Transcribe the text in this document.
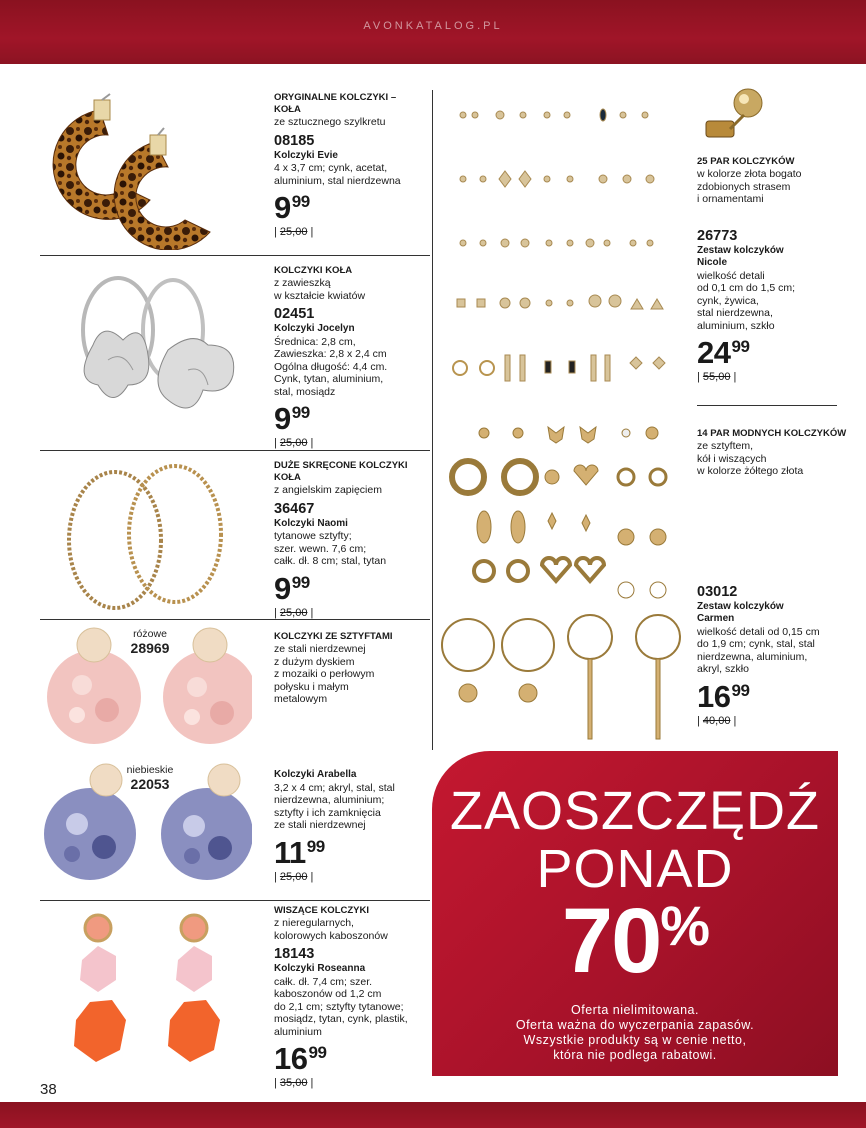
AVONKATALOG.PL
ORYGINALNE KOLCZYKI – KOŁA
ze sztucznego szylkretu
08185
Kolczyki Evie
4 x 3,7 cm; cynk, acetat,
aluminium, stal nierdzewna
$9^{99}$
| 25,00 |
KOLCZYKI KOŁA
z zawieszką
w kształcie kwiatów
02451
Kolczyki Jocelyn
Średnica: 2,8 cm,
Zawieszka: 2,8 x 2,4 cm
Ogólna długość: 4,4 cm.
Cynk, tytan, aluminium,
stal, mosiądz
$9^{99}$
| 25,00 |
DUŻE SKRĘCONE KOLCZYKI KOŁA
z angielskim zapięciem
36467
Kolczyki Naomi
tytanowe sztyfty;
szer. wewn. 7,6 cm;
całk. dł. 8 cm; stal, tytan
$9^{99}$
| 25,00 |
różowe
28969
KOLCZYKI ZE SZTYFTAMI
ze stali nierdzewnej
z dużym dyskiem
z mozaiki o perłowym
połysku i małym
metalowym
niebieskie
22053
Kolczyki Arabella
3,2 x 4 cm; akryl, stal, stal
nierdzewna, aluminium;
sztyfty i ich zamknięcia
ze stali nierdzewnej
$11^{99}$
| 25,00 |
WISZĄCE KOLCZYKI
z nieregularnych,
kolorowych kaboszonów
18143
Kolczyki Roseanna
całk. dł. 7,4 cm; szer.
kaboszonów od 1,2 cm
do 2,1 cm; sztyfty tytanowe;
mosiądz, tytan, cynk, plastik,
aluminium
$16^{99}$
| 35,00 |
25 PAR KOLCZYKÓW
w kolorze złota bogato
zdobionych strasem
i ornamentami
26773
Zestaw kolczyków
Nicole
wielkość detali
od 0,1 cm do 1,5 cm;
cynk, żywica,
stal nierdzewna,
aluminium, szkło
$24^{99}$
| 55,00 |
14 PAR MODNYCH KOLCZYKÓW
ze sztyftem,
kół i wiszących
w kolorze żółtego złota
03012
Zestaw kolczyków
Carmen
wielkość detali od 0,15 cm
do 1,9 cm; cynk, stal, stal
nierdzewna, aluminium,
akryl, szkło
$16^{99}$
| 40,00 |
ZAOSZCZĘDŹ
PONAD
70%
Oferta nielimitowana.
Oferta ważna do wyczerpania zapasów.
Wszystkie produkty są w cenie netto,
która nie podlega rabatowi.
38
